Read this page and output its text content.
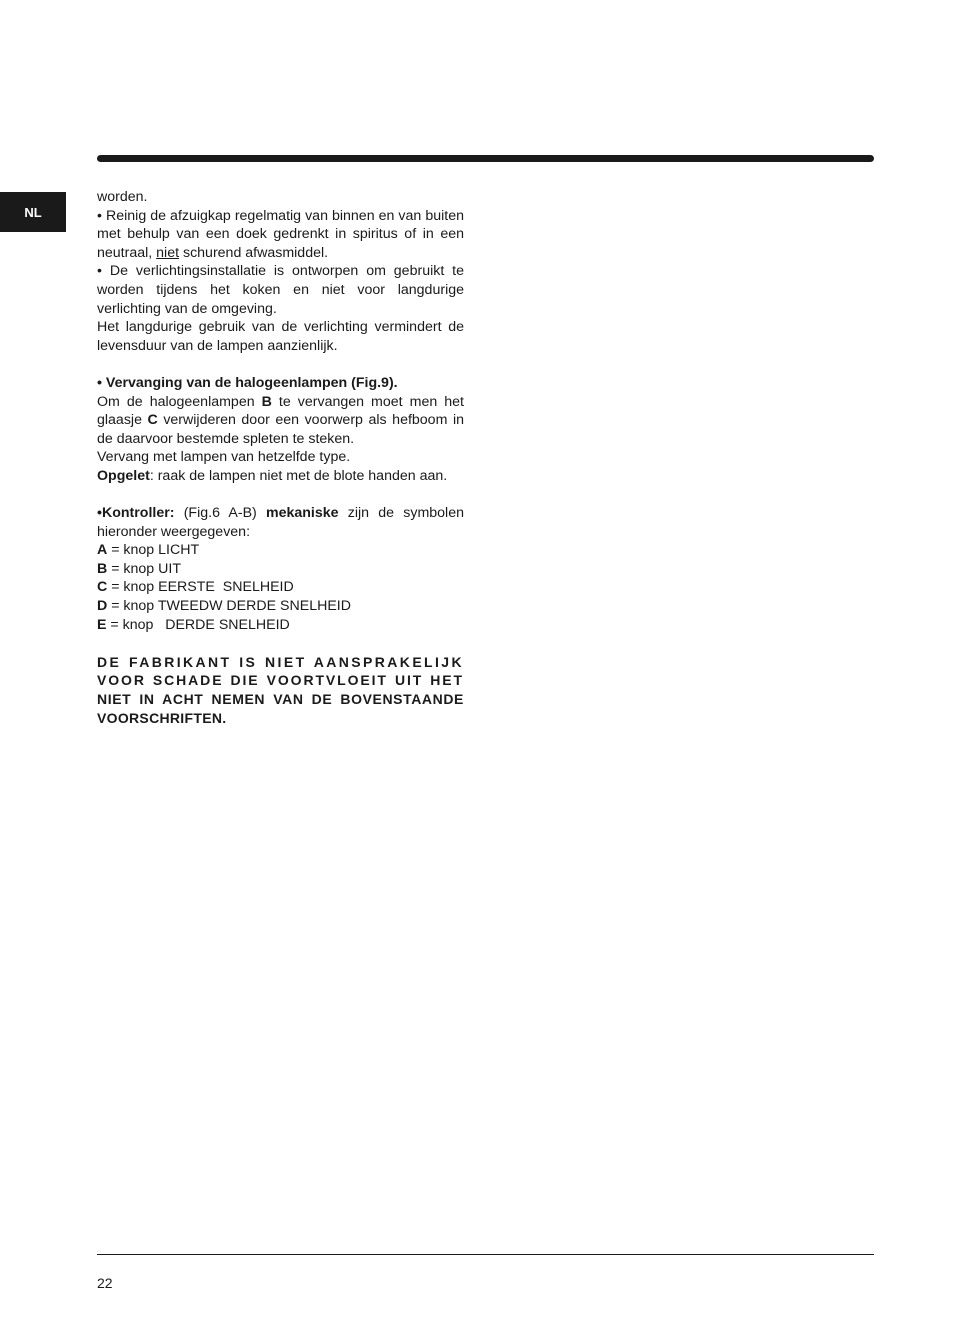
NL

worden.

• Reinig de afzuigkap regelmatig van binnen en van buiten met behulp van een doek gedrenkt in spiritus of in een neutraal, niet schurend afwasmiddel.

• De verlichtingsinstallatie is ontworpen om gebruikt te worden tijdens het koken en niet voor langdurige verlichting van de omgeving.

Het langdurige gebruik van de verlichting vermindert de levensduur van de lampen aanzienlijk.

• Vervanging van de halogeenlampen (Fig.9).

Om de halogeenlampen B te vervangen moet men het glaasje C verwijderen door een voorwerp als hefboom in de daarvoor bestemde spleten te steken.

Vervang met lampen van hetzelfde type.

Opgelet: raak de lampen niet met de blote handen aan.

•Kontroller: (Fig.6 A-B) mekaniske zijn de symbolen hieronder weergegeven:

A = knop LICHT

B = knop UIT

C = knop EERSTE  SNELHEID

D = knop TWEEDW DERDE SNELHEID

E = knop   DERDE SNELHEID

DE FABRIKANT IS NIET AANSPRAKELIJK

VOOR SCHADE DIE VOORTVLOEIT UIT HET

NIET IN ACHT NEMEN VAN DE BOVENSTAANDE

VOORSCHRIFTEN.

22
